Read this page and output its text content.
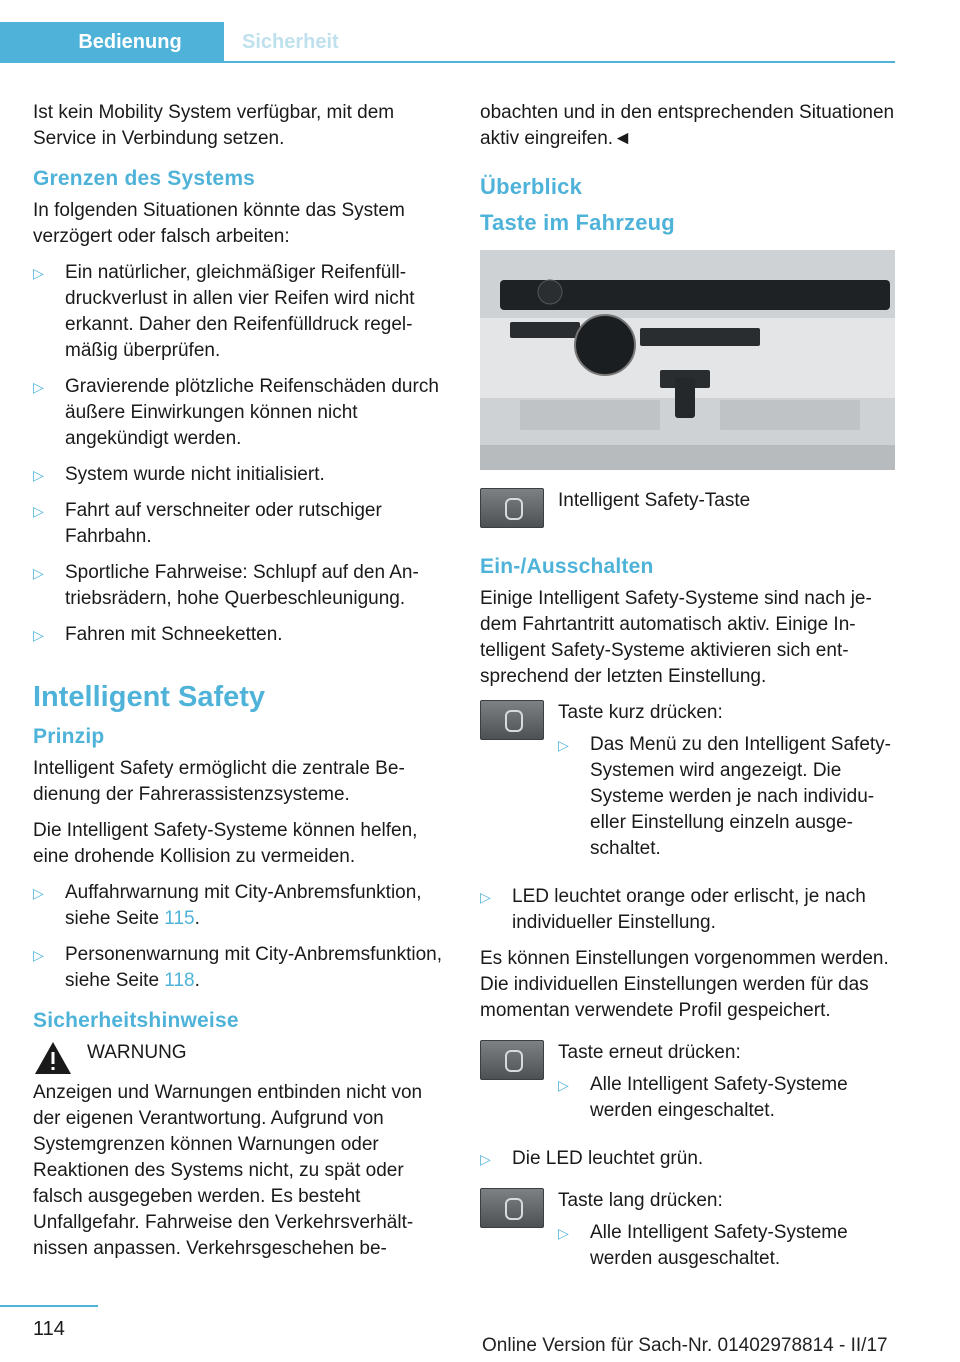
Bedienung	Sicherheit

Ist kein Mobility System verfügbar, mit dem Service in Verbindung setzen.

Grenzen des Systems

In folgenden Situationen könnte das System verzögert oder falsch arbeiten:

▷ Ein natürlicher, gleichmäßiger Reifenfülldruckverlust in allen vier Reifen wird nicht erkannt. Daher den Reifenfülldruck regelmäßig überprüfen.
▷ Gravierende plötzliche Reifenschäden durch äußere Einwirkungen können nicht angekündigt werden.
▷ System wurde nicht initialisiert.
▷ Fahrt auf verschneiter oder rutschiger Fahrbahn.
▷ Sportliche Fahrweise: Schlupf auf den Antriebsrädern, hohe Querbeschleunigung.
▷ Fahren mit Schneeketten.
Intelligent Safety
Prinzip

Intelligent Safety ermöglicht die zentrale Bedienung der Fahrerassistenzsysteme.

Die Intelligent Safety-Systeme können helfen, eine drohende Kollision zu vermeiden.

▷ Auffahrwarnung mit City-Anbremsfunktion, siehe Seite 115.
▷ Personenwarnung mit City-Anbremsfunktion, siehe Seite 118.
Sicherheitshinweise
WARNUNG

Anzeigen und Warnungen entbinden nicht von der eigenen Verantwortung. Aufgrund von Systemgrenzen können Warnungen oder Reaktionen des Systems nicht, zu spät oder falsch ausgegeben werden. Es besteht Unfallgefahr. Fahrweise den Verkehrsverhältnissen anpassen. Verkehrsgeschehen be-

obachten und in den entsprechenden Situationen aktiv eingreifen.◄

Überblick
Taste im Fahrzeug
Intelligent Safety-Taste
Ein-/Ausschalten

Einige Intelligent Safety-Systeme sind nach jedem Fahrtantritt automatisch aktiv. Einige Intelligent Safety-Systeme aktivieren sich entsprechend der letzten Einstellung.

Taste kurz drücken:
▷ Das Menü zu den Intelligent Safety-Systemen wird angezeigt. Die Systeme werden je nach individueller Einstellung einzeln ausgeschaltet.
▷ LED leuchtet orange oder erlischt, je nach individueller Einstellung.

Es können Einstellungen vorgenommen werden. Die individuellen Einstellungen werden für das momentan verwendete Profil gespeichert.

Taste erneut drücken:
▷ Alle Intelligent Safety-Systeme werden eingeschaltet.
▷ Die LED leuchtet grün.
Taste lang drücken:
▷ Alle Intelligent Safety-Systeme werden ausgeschaltet.
114
Online Version für Sach-Nr. 01402978814 - II/17
